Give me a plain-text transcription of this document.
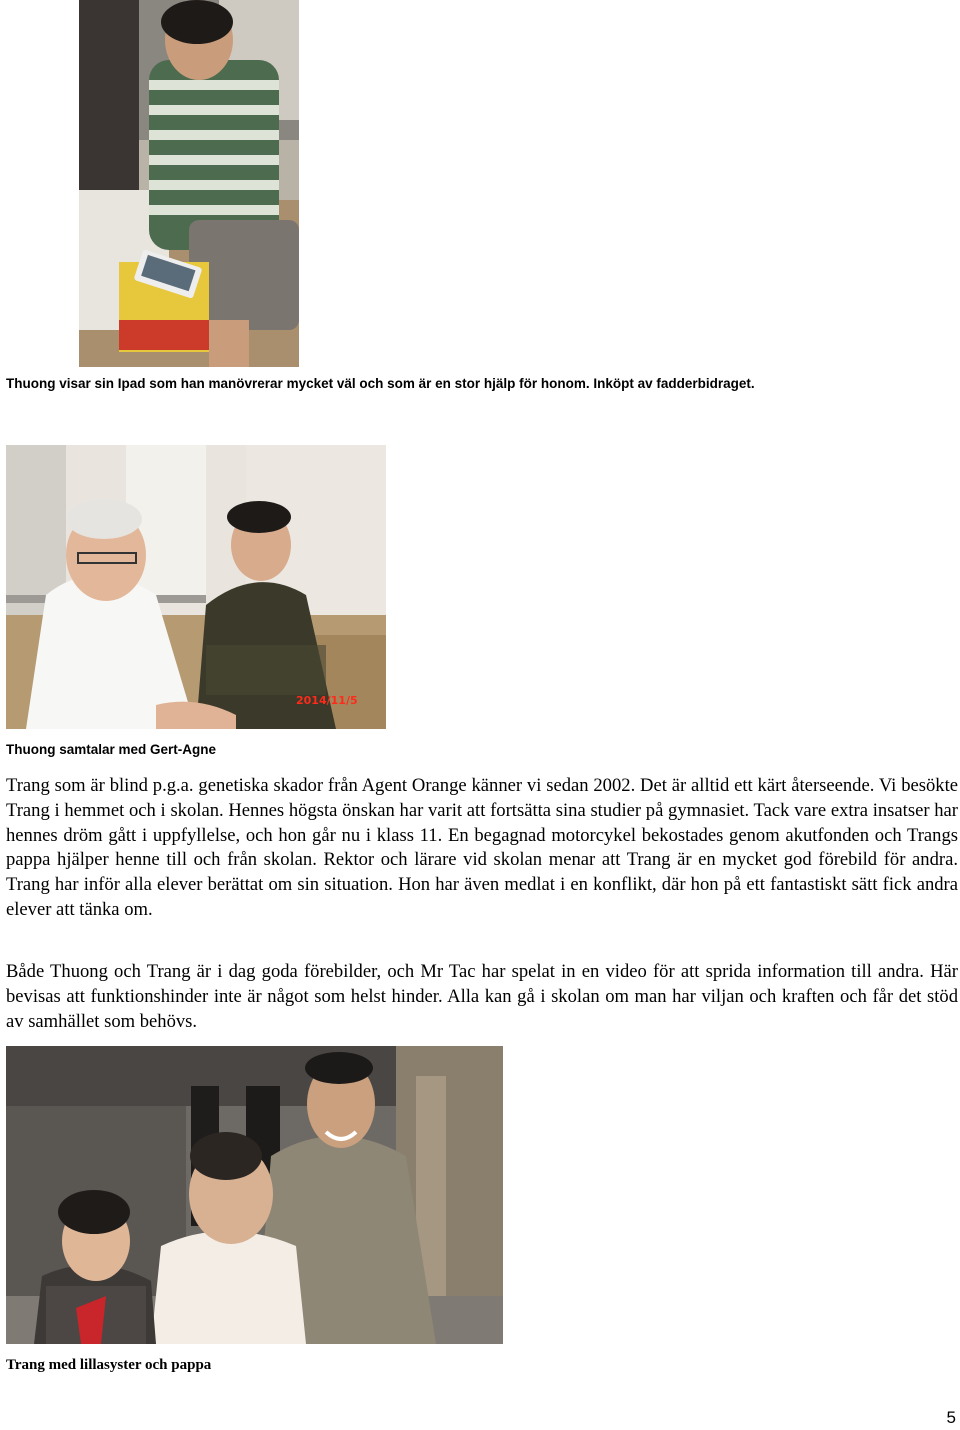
Thuong visar sin Ipad som han manövrerar mycket väl och som är en stor hjälp för honom. Inköpt av fadderbidraget.
2014/11/5
Thuong samtalar med Gert-Agne

Trang som är blind p.g.a. genetiska skador från Agent Orange känner vi sedan 2002. Det är alltid ett kärt återseende. Vi besökte Trang i hemmet och i skolan. Hennes högsta önskan har varit att fortsätta sina studier på gymnasiet. Tack vare extra insatser har hennes dröm gått i uppfyllelse, och hon går nu i klass 11. En begagnad motorcykel bekostades genom akutfonden och Trangs pappa hjälper henne till och från skolan. Rektor och lärare vid skolan menar att Trang är en mycket god förebild för andra. Trang har inför alla elever berättat om sin situation. Hon har även medlat i en konflikt, där hon på ett fantastiskt sätt fick andra elever att tänka om.

Både Thuong och Trang är i dag goda förebilder, och Mr Tac har spelat in en video för att sprida information till andra. Här bevisas att funktionshinder inte är något som helst hinder. Alla kan gå i skolan om man har viljan och kraften och får det stöd av samhället som behövs.

Trang med lillasyster och pappa
5
